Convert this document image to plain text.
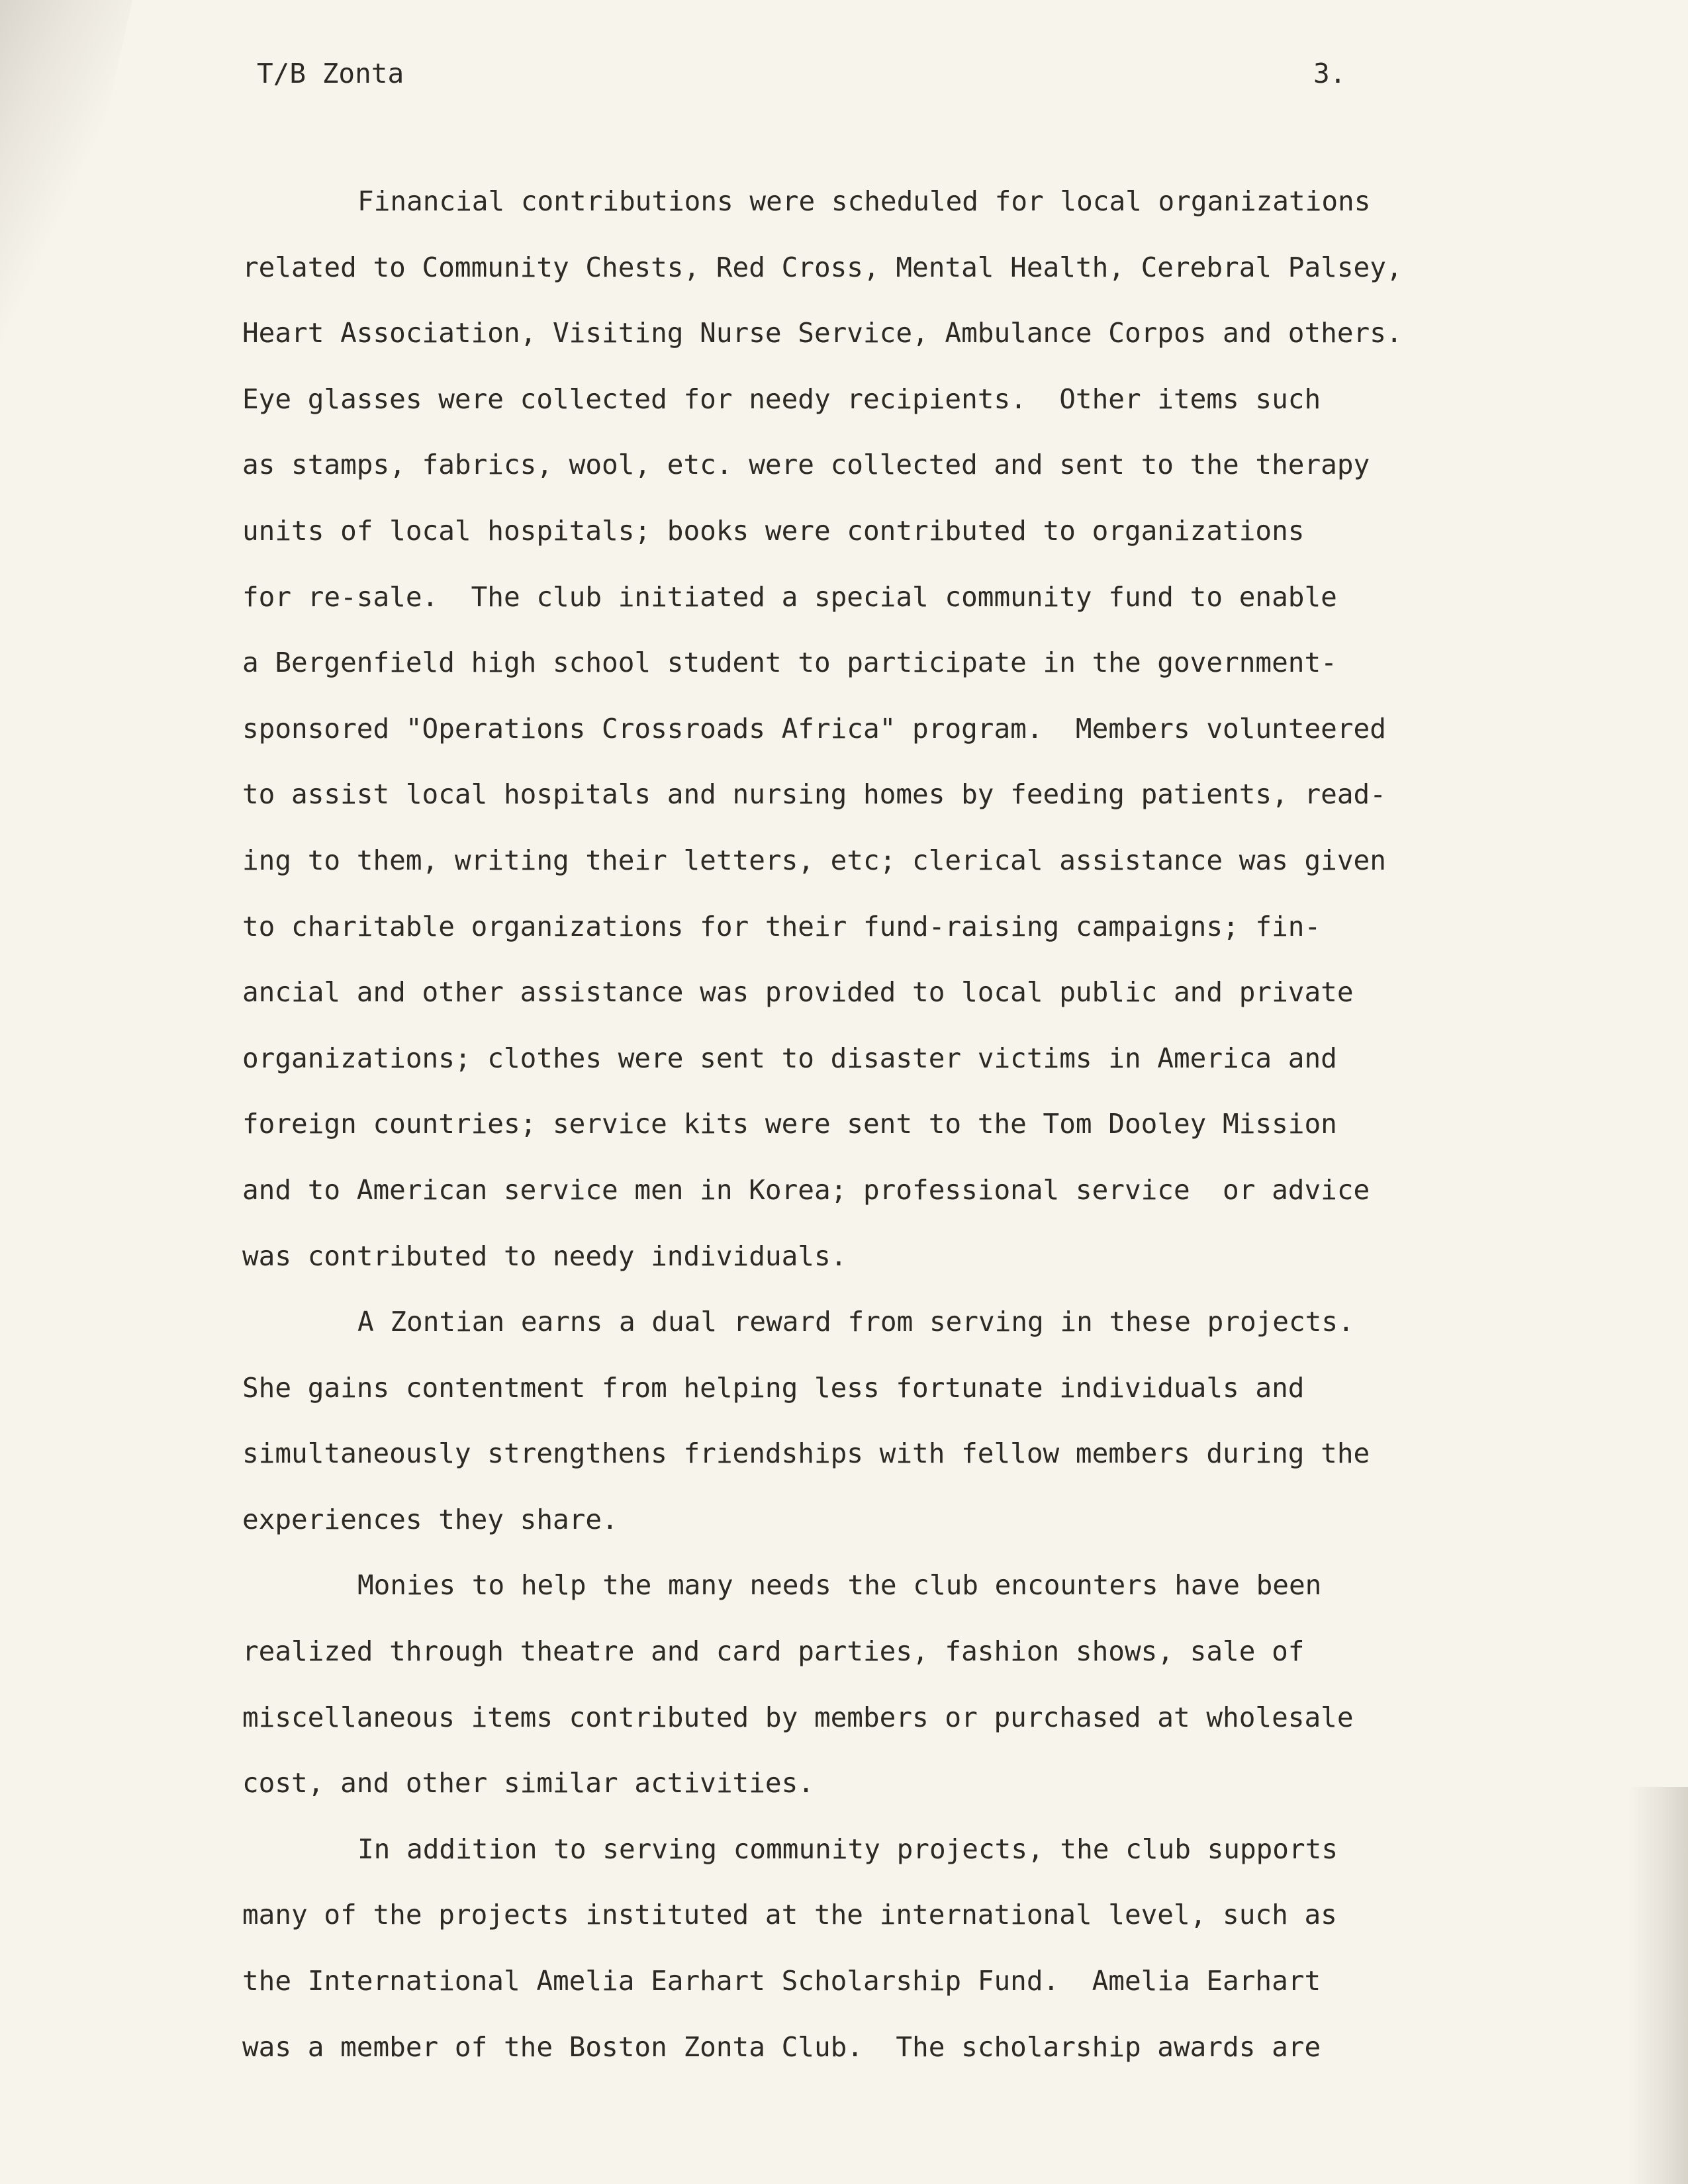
T/B Zonta	3.
Financial contributions were scheduled for local organizations
related to Community Chests, Red Cross, Mental Health, Cerebral Palsey,
Heart Association, Visiting Nurse Service, Ambulance Corpos and others.
Eye glasses were collected for needy recipients.  Other items such
as stamps, fabrics, wool, etc. were collected and sent to the therapy
units of local hospitals; books were contributed to organizations
for re-sale.  The club initiated a special community fund to enable
a Bergenfield high school student to participate in the government-
sponsored "Operations Crossroads Africa" program.  Members volunteered
to assist local hospitals and nursing homes by feeding patients, read-
ing to them, writing their letters, etc; clerical assistance was given
to charitable organizations for their fund-raising campaigns; fin-
ancial and other assistance was provided to local public and private
organizations; clothes were sent to disaster victims in America and
foreign countries; service kits were sent to the Tom Dooley Mission
and to American service men in Korea; professional service  or advice
was contributed to needy individuals.
A Zontian earns a dual reward from serving in these projects.
She gains contentment from helping less fortunate individuals and
simultaneously strengthens friendships with fellow members during the
experiences they share.
Monies to help the many needs the club encounters have been
realized through theatre and card parties, fashion shows, sale of
miscellaneous items contributed by members or purchased at wholesale
cost, and other similar activities.
In addition to serving community projects, the club supports
many of the projects instituted at the international level, such as
the International Amelia Earhart Scholarship Fund.  Amelia Earhart
was a member of the Boston Zonta Club.  The scholarship awards are
